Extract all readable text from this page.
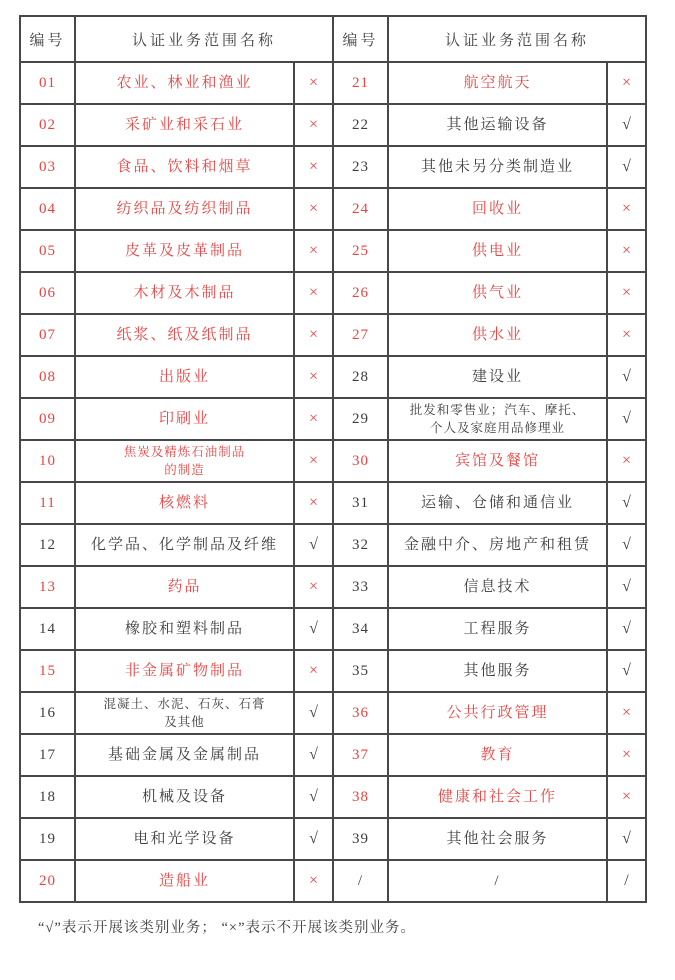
编号	认证业务范围名称	
01	农业、林业和渔业	×
02	采矿业和采石业	×
03	食品、饮料和烟草	×
04	纺织品及纺织制品	×
05	皮革及皮革制品	×
06	木材及木制品	×
07	纸浆、纸及纸制品	×
08	出版业	×
09	印刷业	×
10	焦炭及精炼石油制品
的制造	×
11	核燃料	×
12	化学品、化学制品及纤维	√
13	药品	×
14	橡胶和塑料制品	√
15	非金属矿物制品	×
16	混凝土、水泥、石灰、石膏
及其他	√
17	基础金属及金属制品	√
18	机械及设备	√
19	电和光学设备	√
20	造船业	×
编号	认证业务范围名称	
21	航空航天	×
22	其他运输设备	√
23	其他未另分类制造业	√
24	回收业	×
25	供电业	×
26	供气业	×
27	供水业	×
28	建设业	√
29	批发和零售业；汽车、摩托、
个人及家庭用品修理业	√
30	宾馆及餐馆	×
31	运输、仓储和通信业	√
32	金融中介、房地产和租赁	√
33	信息技术	√
34	工程服务	√
35	其他服务	√
36	公共行政管理	×
37	教育	×
38	健康和社会工作	×
39	其他社会服务	√
/	/	/
“√”表示开展该类别业务； “×”表示不开展该类别业务。
